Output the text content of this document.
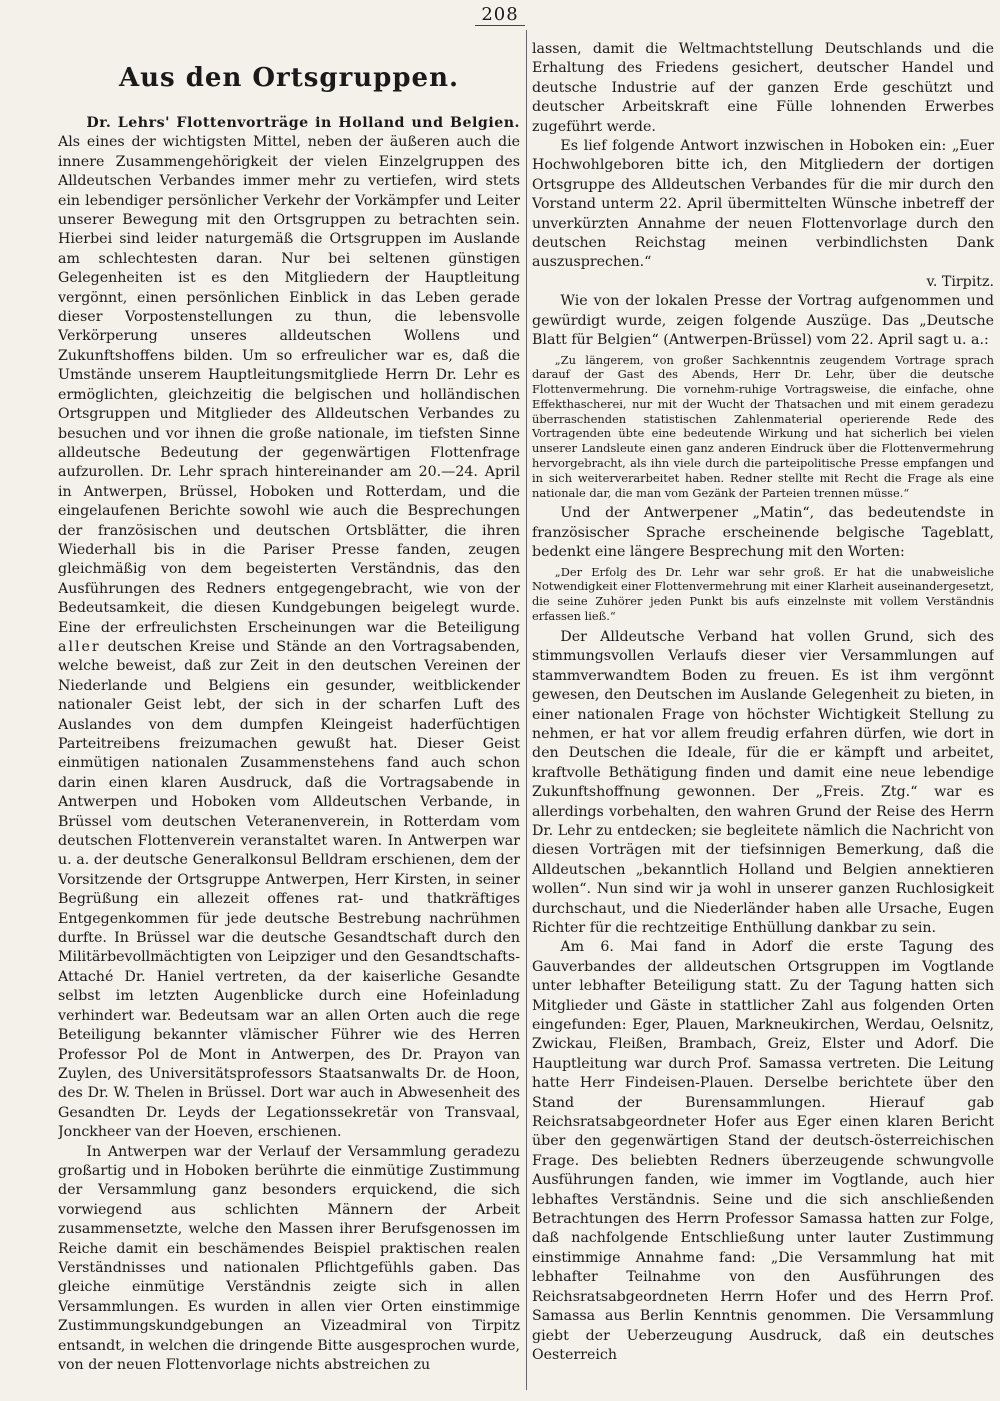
208
Aus den Ortsgruppen.

Dr. Lehrs' Flottenvorträge in Holland und Belgien. Als eines der wichtigsten Mittel, neben der äußeren auch die innere Zusammengehörigkeit der vielen Einzelgruppen des Alldeutschen Verbandes immer mehr zu vertiefen, wird stets ein lebendiger persönlicher Verkehr der Vorkämpfer und Leiter unserer Bewegung mit den Ortsgruppen zu betrachten sein. Hierbei sind leider naturgemäß die Ortsgruppen im Auslande am schlechtesten daran. Nur bei seltenen günstigen Gelegenheiten ist es den Mitgliedern der Hauptleitung vergönnt, einen persönlichen Einblick in das Leben gerade dieser Vorpostenstellungen zu thun, die lebensvolle Verkörperung unseres alldeutschen Wollens und Zukunftshoffens bilden. Um so erfreulicher war es, daß die Umstände unserem Hauptleitungsmitgliede Herrn Dr. Lehr es ermöglichten, gleichzeitig die belgischen und holländischen Ortsgruppen und Mitglieder des Alldeutschen Verbandes zu besuchen und vor ihnen die große nationale, im tiefsten Sinne alldeutsche Bedeutung der gegenwärtigen Flottenfrage aufzurollen. Dr. Lehr sprach hintereinander am 20.—24. April in Antwerpen, Brüssel, Hoboken und Rotterdam, und die eingelaufenen Berichte sowohl wie auch die Besprechungen der französischen und deutschen Ortsblätter, die ihren Wiederhall bis in die Pariser Presse fanden, zeugen gleichmäßig von dem begeisterten Verständnis, das den Ausführungen des Redners entgegengebracht, wie von der Bedeutsamkeit, die diesen Kundgebungen beigelegt wurde. Eine der erfreulichsten Erscheinungen war die Beteiligung aller deutschen Kreise und Stände an den Vortragsabenden, welche beweist, daß zur Zeit in den deutschen Vereinen der Niederlande und Belgiens ein gesunder, weitblickender nationaler Geist lebt, der sich in der scharfen Luft des Auslandes von dem dumpfen Kleingeist haderfüchtigen Parteitreibens freizumachen gewußt hat. Dieser Geist einmütigen nationalen Zusammenstehens fand auch schon darin einen klaren Ausdruck, daß die Vortragsabende in Antwerpen und Hoboken vom Alldeutschen Verbande, in Brüssel vom deutschen Veteranenverein, in Rotterdam vom deutschen Flottenverein veranstaltet waren. In Antwerpen war u. a. der deutsche Generalkonsul Belldram erschienen, dem der Vorsitzende der Ortsgruppe Antwerpen, Herr Kirsten, in seiner Begrüßung ein allezeit offenes rat- und thatkräftiges Entgegenkommen für jede deutsche Bestrebung nachrühmen durfte. In Brüssel war die deutsche Gesandtschaft durch den Militärbevollmächtigten von Leipziger und den Gesandtschafts-Attaché Dr. Haniel vertreten, da der kaiserliche Gesandte selbst im letzten Augenblicke durch eine Hofeinladung verhindert war. Bedeutsam war an allen Orten auch die rege Beteiligung bekannter vlämischer Führer wie des Herren Professor Pol de Mont in Antwerpen, des Dr. Prayon van Zuylen, des Universitätsprofessors Staatsanwalts Dr. de Hoon, des Dr. W. Thelen in Brüssel. Dort war auch in Abwesenheit des Gesandten Dr. Leyds der Legationssekretär von Transvaal, Jonckheer van der Hoeven, erschienen.

In Antwerpen war der Verlauf der Versammlung geradezu großartig und in Hoboken berührte die einmütige Zustimmung der Versammlung ganz besonders erquickend, die sich vorwiegend aus schlichten Männern der Arbeit zusammensetzte, welche den Massen ihrer Berufsgenossen im Reiche damit ein beschämendes Beispiel praktischen realen Verständnisses und nationalen Pflichtgefühls gaben. Das gleiche einmütige Verständnis zeigte sich in allen Versammlungen. Es wurden in allen vier Orten einstimmige Zustimmungskundgebungen an Vizeadmiral von Tirpitz entsandt, in welchen die dringende Bitte ausgesprochen wurde, von der neuen Flottenvorlage nichts abstreichen zu

lassen, damit die Weltmachtstellung Deutschlands und die Erhaltung des Friedens gesichert, deutscher Handel und deutsche Industrie auf der ganzen Erde geschützt und deutscher Arbeitskraft eine Fülle lohnenden Erwerbes zugeführt werde.

Es lief folgende Antwort inzwischen in Hoboken ein: „Euer Hochwohlgeboren bitte ich, den Mitgliedern der dortigen Ortsgruppe des Alldeutschen Verbandes für die mir durch den Vorstand unterm 22. April übermittelten Wünsche inbetreff der unverkürzten Annahme der neuen Flottenvorlage durch den deutschen Reichstag meinen verbindlichsten Dank auszusprechen.“

v. Tirpitz.

Wie von der lokalen Presse der Vortrag aufgenommen und gewürdigt wurde, zeigen folgende Auszüge. Das „Deutsche Blatt für Belgien“ (Antwerpen-Brüssel) vom 22. April sagt u. a.:

„Zu längerem, von großer Sachkenntnis zeugendem Vortrage sprach darauf der Gast des Abends, Herr Dr. Lehr, über die deutsche Flottenvermehrung. Die vornehm-ruhige Vortragsweise, die einfache, ohne Effekthascherei, nur mit der Wucht der Thatsachen und mit einem geradezu überraschenden statistischen Zahlenmaterial operierende Rede des Vortragenden übte eine bedeutende Wirkung und hat sicherlich bei vielen unserer Landsleute einen ganz anderen Eindruck über die Flottenvermehrung hervorgebracht, als ihn viele durch die parteipolitische Presse empfangen und in sich weiterverarbeitet haben. Redner stellte mit Recht die Frage als eine nationale dar, die man vom Gezänk der Parteien trennen müsse.“

Und der Antwerpener „Matin“, das bedeutendste in französischer Sprache erscheinende belgische Tageblatt, bedenkt eine längere Besprechung mit den Worten:

„Der Erfolg des Dr. Lehr war sehr groß. Er hat die unabweisliche Notwendigkeit einer Flottenvermehrung mit einer Klarheit auseinandergesetzt, die seine Zuhörer jeden Punkt bis aufs einzelnste mit vollem Verständnis erfassen ließ.“

Der Alldeutsche Verband hat vollen Grund, sich des stimmungsvollen Verlaufs dieser vier Versammlungen auf stammverwandtem Boden zu freuen. Es ist ihm vergönnt gewesen, den Deutschen im Auslande Gelegenheit zu bieten, in einer nationalen Frage von höchster Wichtigkeit Stellung zu nehmen, er hat vor allem freudig erfahren dürfen, wie dort in den Deutschen die Ideale, für die er kämpft und arbeitet, kraftvolle Bethätigung finden und damit eine neue lebendige Zukunftshoffnung gewonnen. Der „Freis. Ztg.“ war es allerdings vorbehalten, den wahren Grund der Reise des Herrn Dr. Lehr zu entdecken; sie begleitete nämlich die Nachricht von diesen Vorträgen mit der tiefsinnigen Bemerkung, daß die Alldeutschen „bekanntlich Holland und Belgien annektieren wollen“. Nun sind wir ja wohl in unserer ganzen Ruchlosigkeit durchschaut, und die Niederländer haben alle Ursache, Eugen Richter für die rechtzeitige Enthüllung dankbar zu sein.

Am 6. Mai fand in Adorf die erste Tagung des Gauverbandes der alldeutschen Ortsgruppen im Vogtlande unter lebhafter Beteiligung statt. Zu der Tagung hatten sich Mitglieder und Gäste in stattlicher Zahl aus folgenden Orten eingefunden: Eger, Plauen, Markneukirchen, Werdau, Oelsnitz, Zwickau, Fleißen, Brambach, Greiz, Elster und Adorf. Die Hauptleitung war durch Prof. Samassa vertreten. Die Leitung hatte Herr Findeisen-Plauen. Derselbe berichtete über den Stand der Burensammlungen. Hierauf gab Reichsratsabgeordneter Hofer aus Eger einen klaren Bericht über den gegenwärtigen Stand der deutsch-österreichischen Frage. Des beliebten Redners überzeugende schwungvolle Ausführungen fanden, wie immer im Vogtlande, auch hier lebhaftes Verständnis. Seine und die sich anschließenden Betrachtungen des Herrn Professor Samassa hatten zur Folge, daß nachfolgende Entschließung unter lauter Zustimmung einstimmige Annahme fand: „Die Versammlung hat mit lebhafter Teilnahme von den Ausführungen des Reichsratsabgeordneten Herrn Hofer und des Herrn Prof. Samassa aus Berlin Kenntnis genommen. Die Versammlung giebt der Ueberzeugung Ausdruck, daß ein deutsches Oesterreich
